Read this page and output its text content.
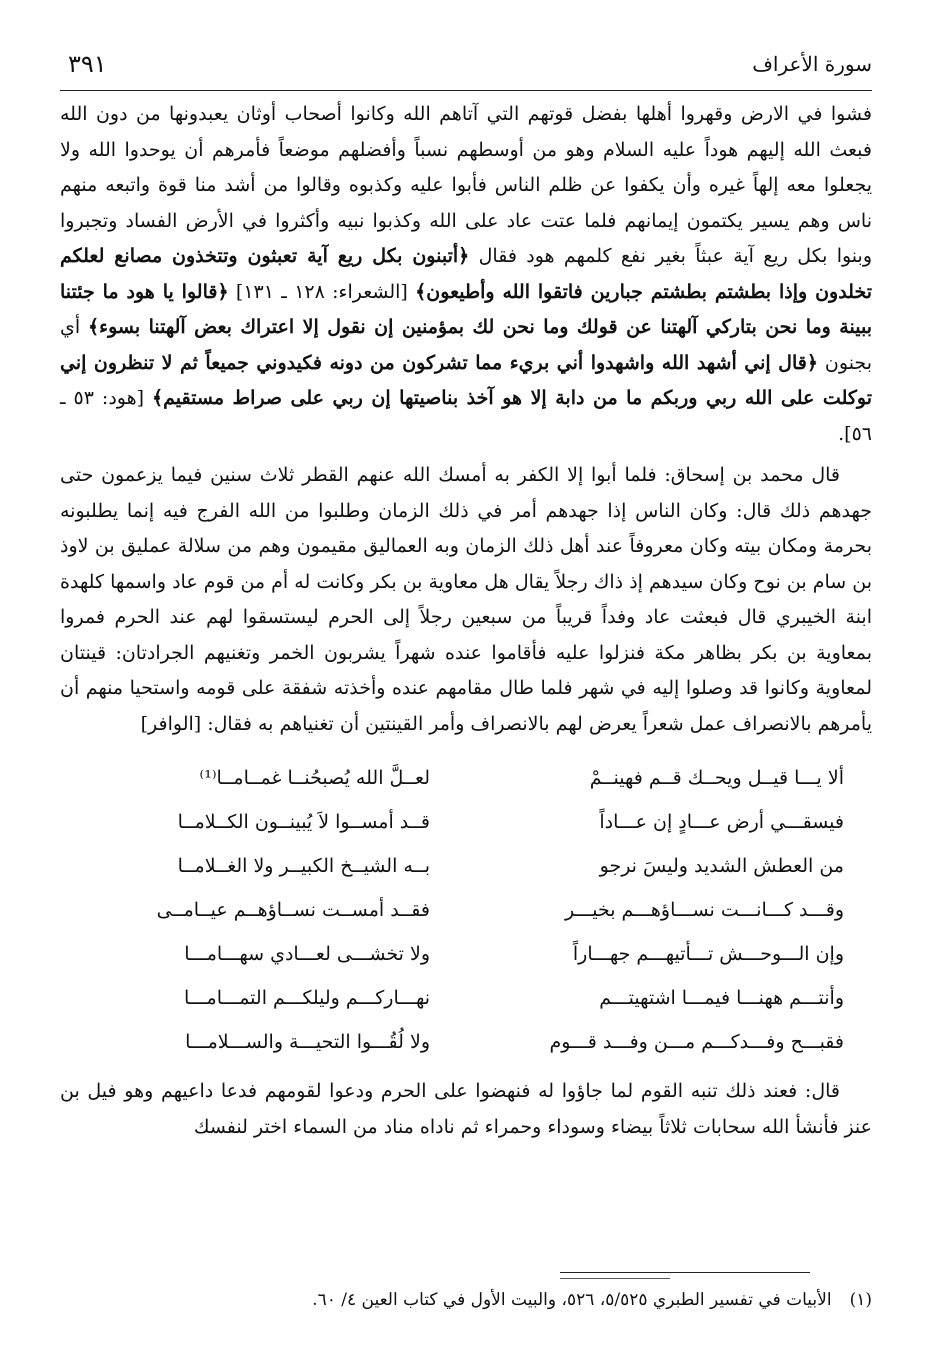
سورة الأعراف
٣٩١

فشوا في الارض وقهروا أهلها بفضل قوتهم التي آتاهم الله وكانوا أصحاب أوثان يعبدونها من دون الله فبعث الله إليهم هوداً عليه السلام وهو من أوسطهم نسباً وأفضلهم موضعاً فأمرهم أن يوحدوا الله ولا يجعلوا معه إلهاً غيره وأن يكفوا عن ظلم الناس فأبوا عليه وكذبوه وقالوا من أشد منا قوة واتبعه منهم ناس وهم يسير يكتمون إيمانهم فلما عتت عاد على الله وكذبوا نبيه وأكثروا في الأرض الفساد وتجبروا وبنوا بكل ريع آية عبثاً بغير نفع كلمهم هود فقال ﴿أتبنون بكل ريع آية تعبثون وتتخذون مصانع لعلكم تخلدون وإذا بطشتم بطشتم جبارين فاتقوا الله وأطيعون﴾ [الشعراء: ١٢٨ ـ ١٣١] ﴿قالوا يا هود ما جئتنا ببينة وما نحن بتاركي آلهتنا عن قولك وما نحن لك بمؤمنين إن نقول إلا اعتراك بعض آلهتنا بسوء﴾ أي بجنون ﴿قال إني أشهد الله واشهدوا أني بريء مما تشركون من دونه فكيدوني جميعاً ثم لا تنظرون إني توكلت على الله ربي وربكم ما من دابة إلا هو آخذ بناصيتها إن ربي على صراط مستقيم﴾ [هود: ٥٣ ـ ٥٦].

قال محمد بن إسحاق: فلما أبوا إلا الكفر به أمسك الله عنهم القطر ثلاث سنين فيما يزعمون حتى جهدهم ذلك قال: وكان الناس إذا جهدهم أمر في ذلك الزمان وطلبوا من الله الفرج فيه إنما يطلبونه بحرمة ومكان بيته وكان معروفاً عند أهل ذلك الزمان وبه العماليق مقيمون وهم من سلالة عمليق بن لاوذ بن سام بن نوح وكان سيدهم إذ ذاك رجلاً يقال هل معاوية بن بكر وكانت له أم من قوم عاد واسمها كلهدة ابنة الخيبري قال فبعثت عاد وفداً قريباً من سبعين رجلاً إلى الحرم ليستسقوا لهم عند الحرم فمروا بمعاوية بن بكر بظاهر مكة فنزلوا عليه فأقاموا عنده شهراً يشربون الخمر وتغنيهم الجرادتان: قينتان لمعاوية وكانوا قد وصلوا إليه في شهر فلما طال مقامهم عنده وأخذته شفقة على قومه واستحيا منهم أن يأمرهم بالانصراف عمل شعراً يعرض لهم بالانصراف وأمر القينتين أن تغنياهم به فقال: [الوافر]

ألا يـــا قيــل ويحــك قــم فهينــمْ
لعــلَّ الله يُصبحُنــا غمــامــا⁽¹⁾
فيسقـــي أرض عـــادٍ إن عـــاداً
قــد أمســوا لاَ يُبينــون الكــلامــا
من العطش الشديد وليسَ نرجو
بــه الشيــخ الكبيــر ولا الغــلامــا
وقـــد كـــانـــت نســـاؤهـــم بخيـــر
فقــد أمســت نســاؤهــم عيــامــى
وإن الـــوحـــش تـــأتيهـــم جهـــاراً
ولا تخشـــى لعـــادي سهـــامـــا
وأنتـــم ههنـــا فيمـــا اشتهيتـــم
نهـــاركـــم وليلكـــم التمـــامـــا
فقبـــح وفـــدكـــم مـــن وفـــد قـــوم
ولا لُقُـــوا التحيـــة والســـلامـــا

قال: فعند ذلك تنبه القوم لما جاؤوا له فنهضوا على الحرم ودعوا لقومهم فدعا داعيهم وهو فيل بن عنز فأنشأ الله سحابات ثلاثاً بيضاء وسوداء وحمراء ثم ناداه مناد من السماء اختر لنفسك

(١)الأبيات في تفسير الطبري ٥/٥٢٥، ٥٢٦، والبيت الأول في كتاب العين ٤/ ٦٠.
